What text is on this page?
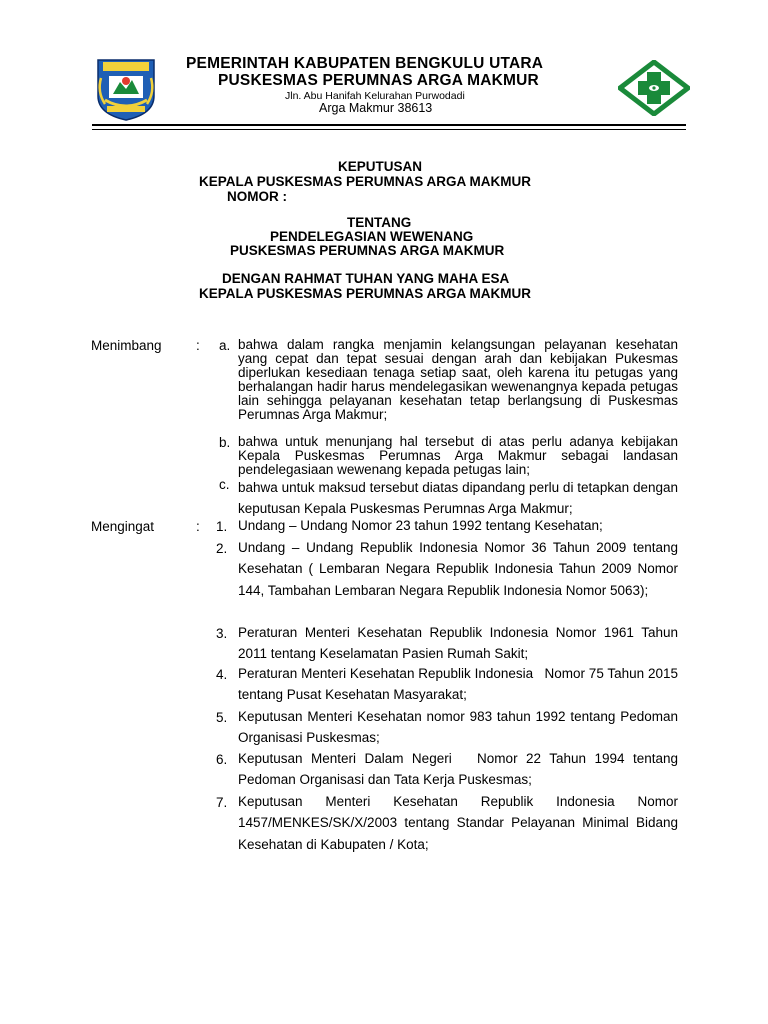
PEMERINTAH KABUPATEN BENGKULU UTARA
PUSKESMAS PERUMNAS ARGA MAKMUR
Jln. Abu Hanifah Kelurahan Purwodadi
Arga Makmur 38613
KEPUTUSAN
KEPALA PUSKESMAS PERUMNAS ARGA MAKMUR
NOMOR :
TENTANG
PENDELEGASIAN WEWENANG
PUSKESMAS PERUMNAS ARGA MAKMUR
DENGAN RAHMAT TUHAN YANG MAHA ESA
KEPALA PUSKESMAS PERUMNAS ARGA MAKMUR
Menimbang	: a. bahwa dalam rangka menjamin kelangsungan pelayanan kesehatan yang cepat dan tepat sesuai dengan arah dan kebijakan Pukesmas diperlukan kesediaan tenaga setiap saat, oleh karena itu petugas yang berhalangan hadir harus mendelegasikan wewenangnya kepada petugas lain sehingga pelayanan kesehatan tetap berlangsung di Puskesmas Perumnas Arga Makmur;
b. bahwa untuk menunjang hal tersebut di atas perlu adanya kebijakan Kepala Puskesmas Perumnas Arga Makmur sebagai landasan pendelegasiaan wewenang kepada petugas lain;
c. bahwa untuk maksud tersebut diatas dipandang perlu di tetapkan dengan keputusan Kepala Puskesmas Perumnas Arga Makmur;
Mengingat	: 1. Undang – Undang Nomor 23 tahun 1992 tentang Kesehatan;
2. Undang – Undang Republik Indonesia Nomor 36 Tahun 2009 tentang Kesehatan ( Lembaran Negara Republik Indonesia Tahun 2009 Nomor 144, Tambahan Lembaran Negara Republik Indonesia Nomor 5063);
3. Peraturan Menteri Kesehatan Republik Indonesia Nomor 1961 Tahun 2011 tentang Keselamatan Pasien Rumah Sakit;
4. Peraturan Menteri Kesehatan Republik Indonesia   Nomor 75 Tahun 2015 tentang Pusat Kesehatan Masyarakat;
5. Keputusan Menteri Kesehatan nomor 983 tahun 1992 tentang Pedoman Organisasi Puskesmas;
6. Keputusan Menteri Dalam Negeri   Nomor 22 Tahun 1994 tentang Pedoman Organisasi dan Tata Kerja Puskesmas;
7. Keputusan Menteri Kesehatan Republik Indonesia Nomor 1457/MENKES/SK/X/2003 tentang Standar Pelayanan Minimal Bidang Kesehatan di Kabupaten / Kota;
